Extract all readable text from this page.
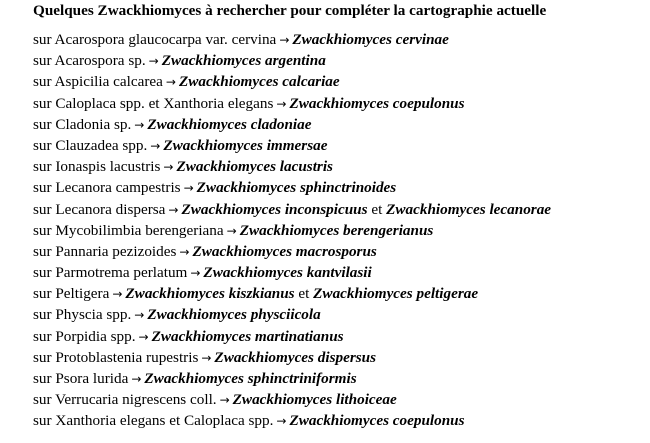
Quelques Zwackhiomyces à rechercher pour compléter la cartographie actuelle
sur Acarospora glaucocarpa var. cervina → Zwackhiomyces cervinae
sur Acarospora sp. → Zwackhiomyces argentina
sur Aspicilia calcarea → Zwackhiomyces calcariae
sur Caloplaca spp. et Xanthoria elegans → Zwackhiomyces coepulonus
sur Cladonia sp. → Zwackhiomyces cladoniae
sur Clauzadea spp. → Zwackhiomyces immersae
sur Ionaspis lacustris → Zwackhiomyces lacustris
sur Lecanora campestris → Zwackhiomyces sphinctrinoides
sur Lecanora dispersa → Zwackhiomyces inconspicuus et Zwackhiomyces lecanorae
sur Mycobilimbia berengeriana → Zwackhiomyces berengerianus
sur Pannaria pezizoides → Zwackhiomyces macrosporus
sur Parmotrema perlatum → Zwackhiomyces kantvilasii
sur Peltigera → Zwackhiomyces kiszkianus et Zwackhiomyces peltigerae
sur Physcia spp. → Zwackhiomyces physciicola
sur Porpidia spp. → Zwackhiomyces martinatianus
sur Protoblastenia rupestris → Zwackhiomyces dispersus
sur Psora lurida → Zwackhiomyces sphinctriniformis
sur Verrucaria nigrescens coll. → Zwackhiomyces lithoiceae
sur Xanthoria elegans et Caloplaca spp. → Zwackhiomyces coepulonus
